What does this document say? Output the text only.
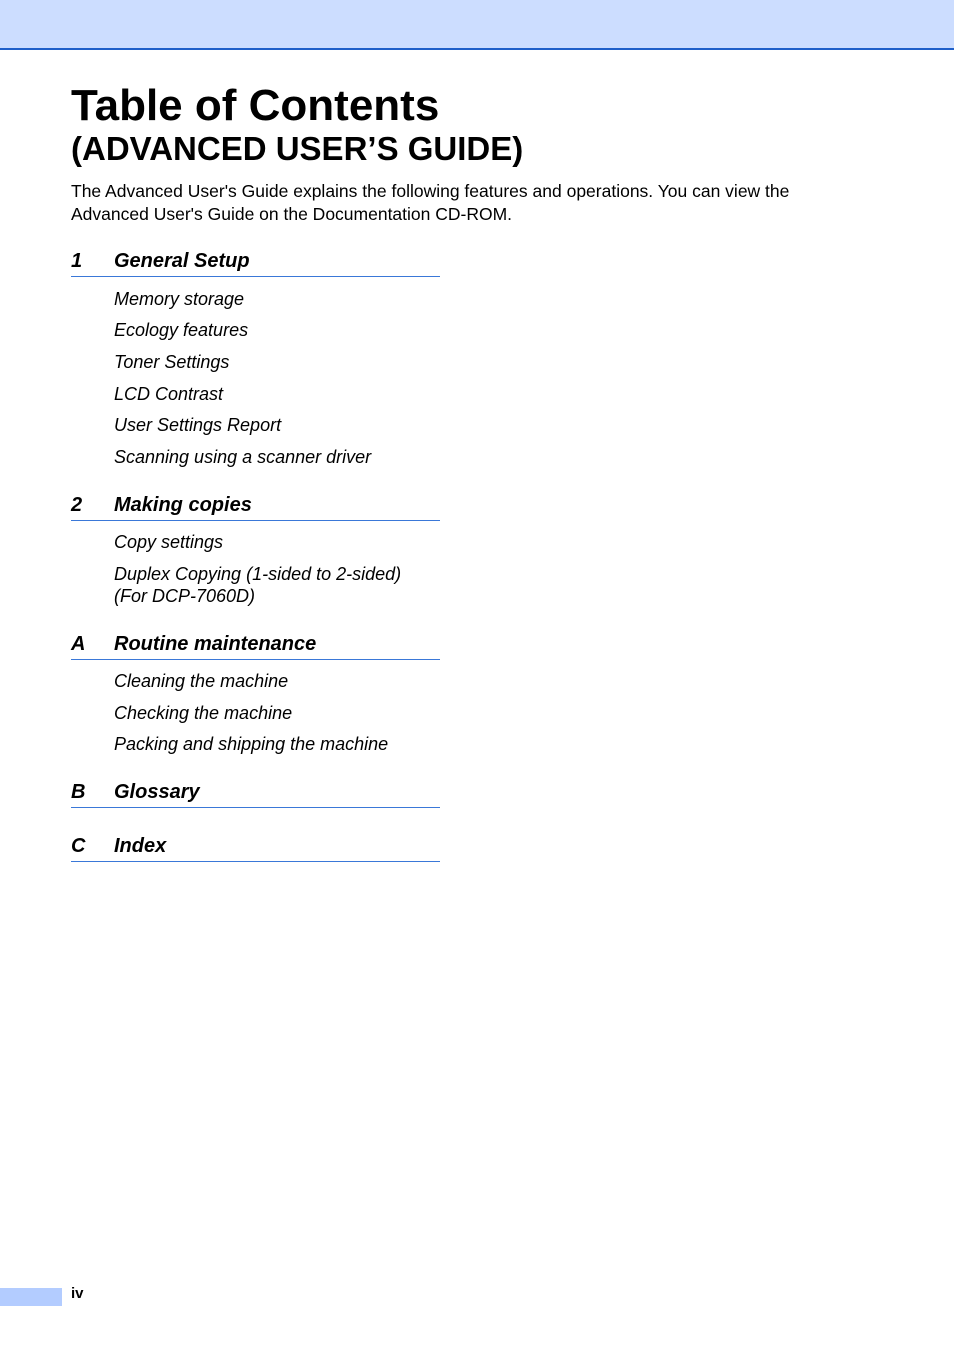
Table of Contents
(ADVANCED USER’S GUIDE)

The Advanced User's Guide explains the following features and operations. You can view the
Advanced User's Guide on the Documentation CD-ROM.

1 General Setup
Memory storage
Ecology features
Toner Settings
LCD Contrast
User Settings Report
Scanning using a scanner driver
2 Making copies
Copy settings
Duplex Copying (1-sided to 2-sided)
(For DCP-7060D)
A Routine maintenance
Cleaning the machine
Checking the machine
Packing and shipping the machine
B Glossary
C Index
iv
